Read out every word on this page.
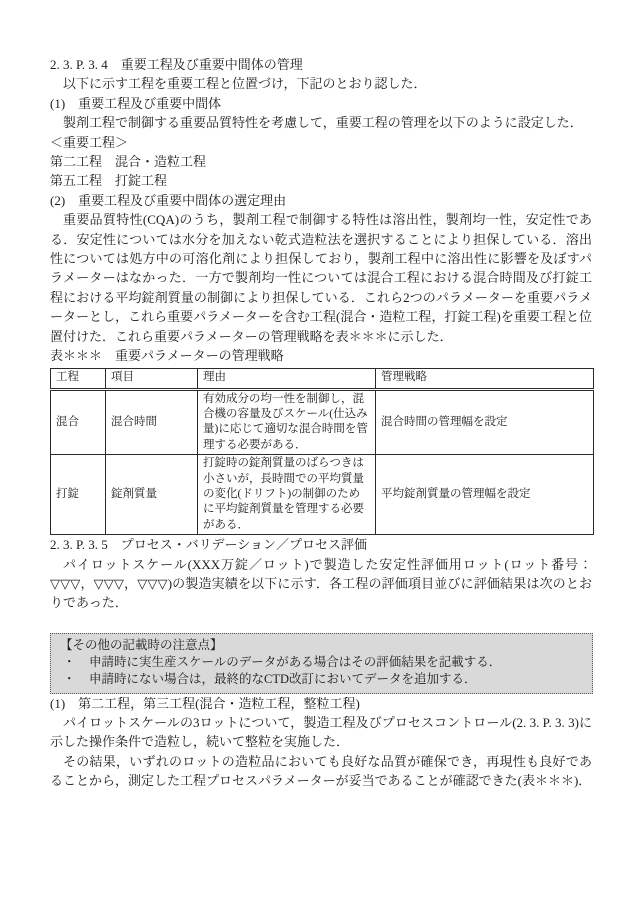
2. 3. P. 3. 4　重要工程及び重要中間体の管理

以下に示す工程を重要工程と位置づけ，下記のとおり認した．

(1)　重要工程及び重要中間体

製剤工程で制御する重要品質特性を考慮して，重要工程の管理を以下のように設定した．

＜重要工程＞

第二工程　混合・造粒工程

第五工程　打錠工程

(2)　重要工程及び重要中間体の選定理由

重要品質特性(CQA)のうち，製剤工程で制御する特性は溶出性，製剤均一性，安定性である．安定性については水分を加えない乾式造粒法を選択することにより担保している．溶出性については処方中の可溶化剤により担保しており，製剤工程中に溶出性に影響を及ぼすパラメーターはなかった．一方で製剤均一性については混合工程における混合時間及び打錠工程における平均錠剤質量の制御により担保している．これら2つのパラメーターを重要パラメーターとし，これら重要パラメーターを含む工程(混合・造粒工程，打錠工程)を重要工程と位置付けた．これら重要パラメーターの管理戦略を表＊＊＊に示した．

表＊＊＊　重要パラメーターの管理戦略

工程	項目	理由	管理戦略
混合	混合時間	有効成分の均一性を制御し，混合機の容量及びスケール(仕込み量)に応じて適切な混合時間を管理する必要がある．	混合時間の管理幅を設定
打錠	錠剤質量	打錠時の錠剤質量のばらつきは小さいが，長時間での平均質量の変化(ドリフト)の制御のために平均錠剤質量を管理する必要がある．	平均錠剤質量の管理幅を設定
2. 3. P. 3. 5　プロセス・バリデーション／プロセス評価

パイロットスケール(XXX万錠／ロット)で製造した安定性評価用ロット(ロット番号：▽▽▽，▽▽▽，▽▽▽)の製造実績を以下に示す．各工程の評価項目並びに評価結果は次のとおりであった．

【その他の記載時の注意点】

・	申請時に実生産スケールのデータがある場合はその評価結果を記載する．
・	申請時にない場合は，最終的なCTD改訂においてデータを追加する．
(1)　第二工程，第三工程(混合・造粒工程，整粒工程)

パイロットスケールの3ロットについて，製造工程及びプロセスコントロール(2. 3. P. 3. 3)に示した操作条件で造粒し，続いて整粒を実施した．

その結果，いずれのロットの造粒品においても良好な品質が確保でき，再現性も良好であることから，測定した工程プロセスパラメーターが妥当であることが確認できた(表＊＊＊)．
